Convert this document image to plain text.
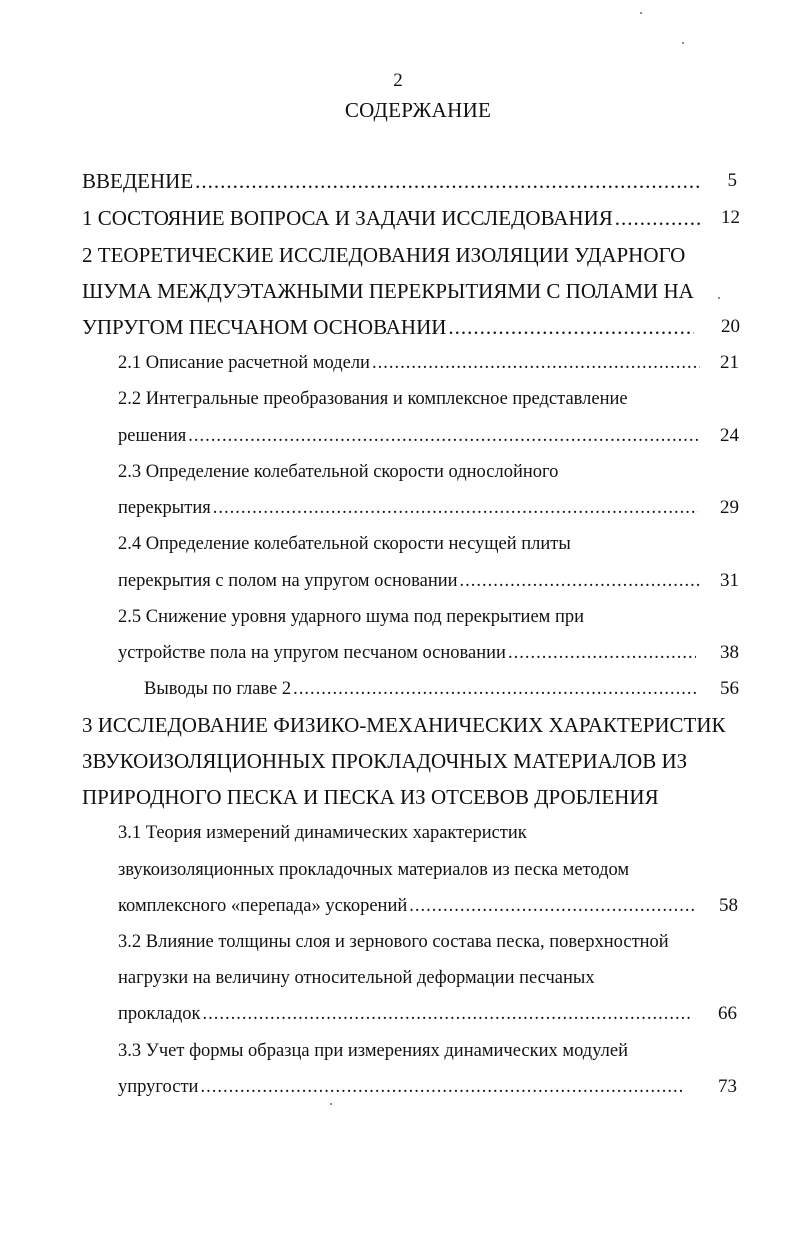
2
СОДЕРЖАНИЕ
ВВЕДЕНИЕ .....	5
1 СОСТОЯНИЕ ВОПРОСА И ЗАДАЧИ ИССЛЕДОВАНИЯ .....	12
2 ТЕОРЕТИЧЕСКИЕ ИССЛЕДОВАНИЯ ИЗОЛЯЦИИ УДАРНОГО
ШУМА МЕЖДУЭТАЖНЫМИ ПЕРЕКРЫТИЯМИ С ПОЛАМИ НА
УПРУГОМ ПЕСЧАНОМ ОСНОВАНИИ .....	20
2.1 Описание расчетной модели .....	21
2.2 Интегральные преобразования и комплексное представление
решения .....	24
2.3 Определение колебательной скорости однослойного
перекрытия .....	29
2.4 Определение колебательной скорости несущей плиты
перекрытия с полом на упругом основании .....	31
2.5 Снижение уровня ударного шума под перекрытием при
устройстве пола на упругом песчаном основании .....	38
Выводы по главе 2 .....	56
3 ИССЛЕДОВАНИЕ ФИЗИКО-МЕХАНИЧЕСКИХ ХАРАКТЕРИСТИК
ЗВУКОИЗОЛЯЦИОННЫХ ПРОКЛАДОЧНЫХ МАТЕРИАЛОВ ИЗ
ПРИРОДНОГО ПЕСКА И ПЕСКА ИЗ ОТСЕВОВ ДРОБЛЕНИЯ
3.1 Теория измерений динамических характеристик
звукоизоляционных прокладочных материалов из песка методом
комплексного «перепада» ускорений .....	58
3.2 Влияние толщины слоя и зернового состава песка, поверхностной
нагрузки на величину относительной деформации песчаных
прокладок .....	66
3.3 Учет формы образца при измерениях динамических модулей
упругости .....	73
